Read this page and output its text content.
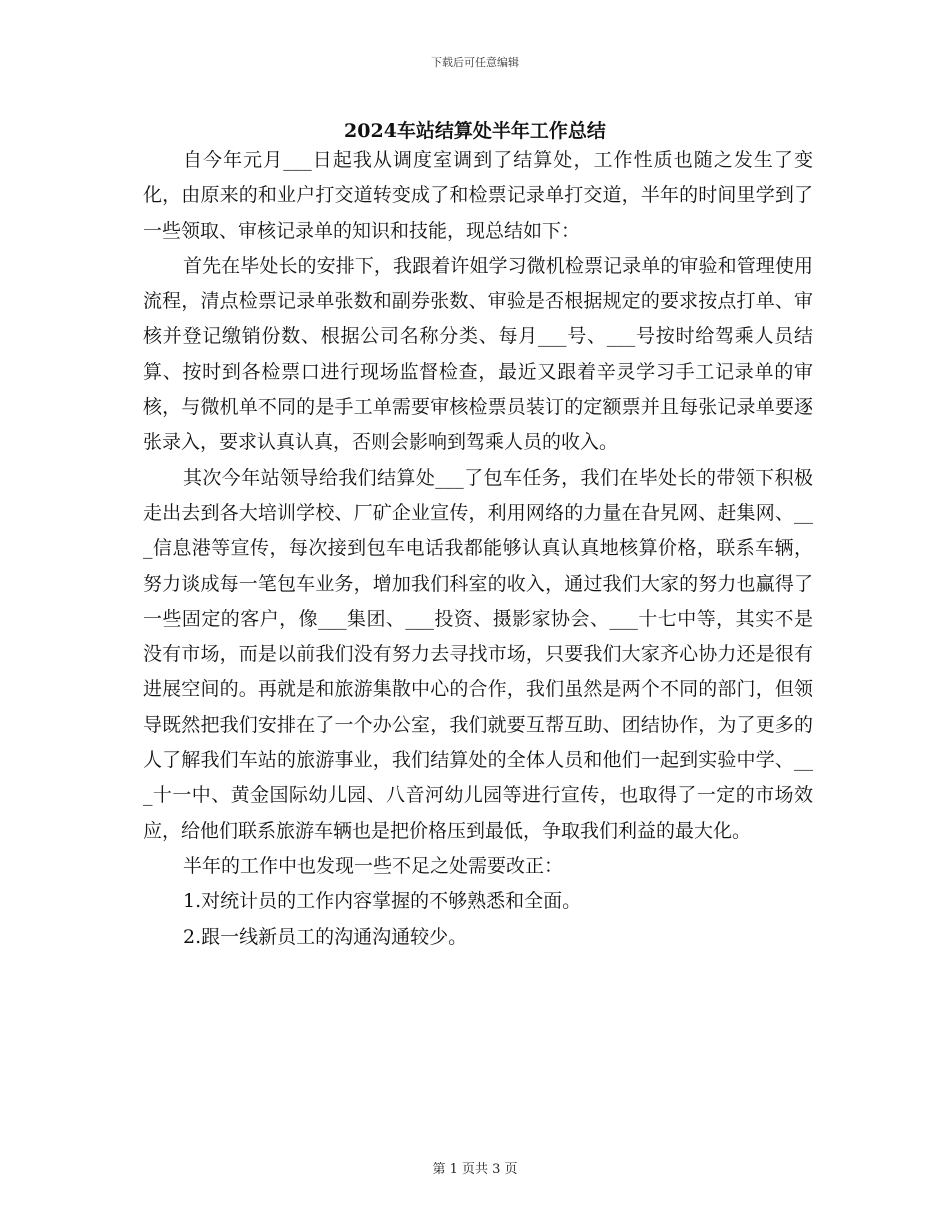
下载后可任意编辑
2024车站结算处半年工作总结

自今年元月___日起我从调度室调到了结算处，工作性质也随之发生了变化，由原来的和业户打交道转变成了和检票记录单打交道，半年的时间里学到了一些领取、审核记录单的知识和技能，现总结如下：

首先在毕处长的安排下，我跟着许姐学习微机检票记录单的审验和管理使用流程，清点检票记录单张数和副券张数、审验是否根据规定的要求按点打单、审核并登记缴销份数、根据公司名称分类、每月___号、___号按时给驾乘人员结算、按时到各检票口进行现场监督检查，最近又跟着辛灵学习手工记录单的审核，与微机单不同的是手工单需要审核检票员装订的定额票并且每张记录单要逐张录入，要求认真认真，否则会影响到驾乘人员的收入。

其次今年站领导给我们结算处___了包车任务，我们在毕处长的带领下积极走出去到各大培训学校、厂矿企业宣传，利用网络的力量在旮旯网、赶集网、___信息港等宣传，每次接到包车电话我都能够认真认真地核算价格，联系车辆，努力谈成每一笔包车业务，增加我们科室的收入，通过我们大家的努力也赢得了一些固定的客户，像___集团、___投资、摄影家协会、___十七中等，其实不是没有市场，而是以前我们没有努力去寻找市场，只要我们大家齐心协力还是很有进展空间的。再就是和旅游集散中心的合作，我们虽然是两个不同的部门，但领导既然把我们安排在了一个办公室，我们就要互帮互助、团结协作，为了更多的人了解我们车站的旅游事业，我们结算处的全体人员和他们一起到实验中学、___十一中、黄金国际幼儿园、八音河幼儿园等进行宣传，也取得了一定的市场效应，给他们联系旅游车辆也是把价格压到最低，争取我们利益的最大化。

半年的工作中也发现一些不足之处需要改正：

1.对统计员的工作内容掌握的不够熟悉和全面。

2.跟一线新员工的沟通沟通较少。

第 1 页共 3 页
